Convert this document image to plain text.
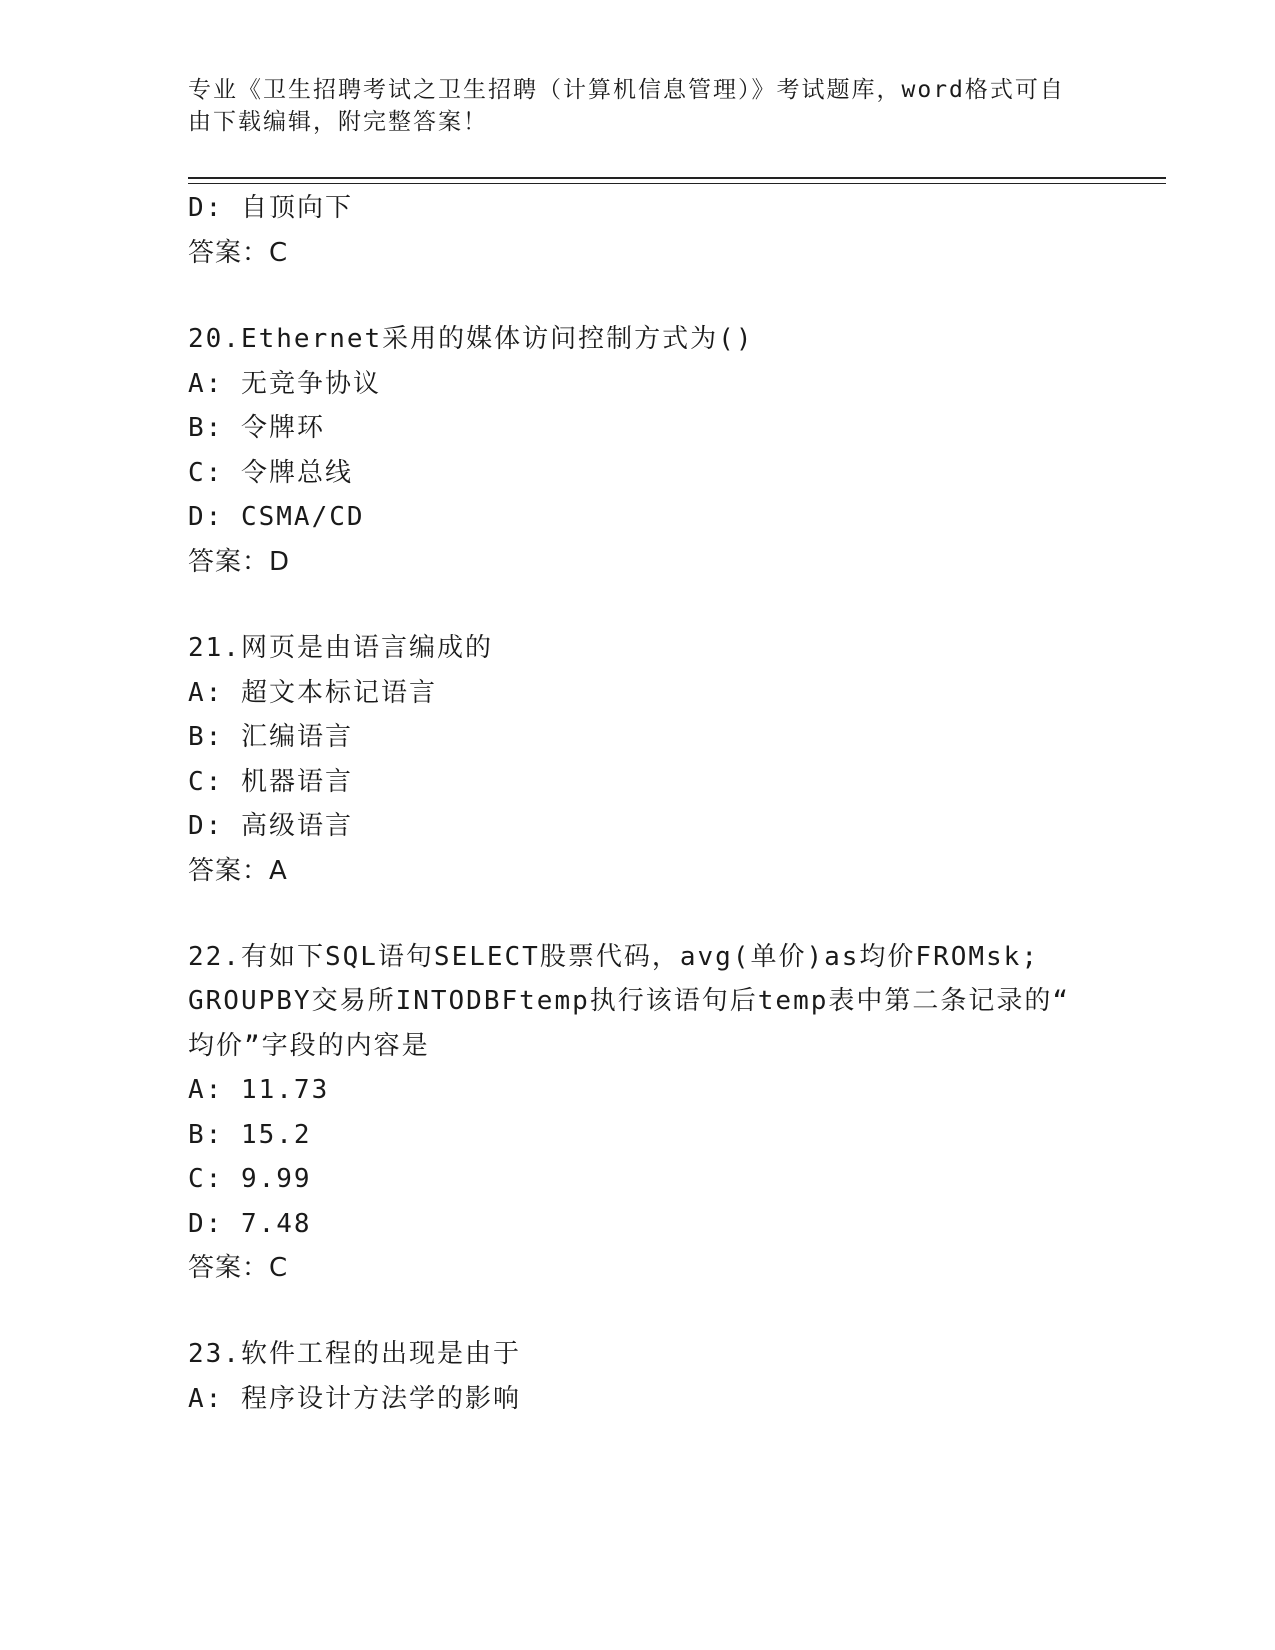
专业《卫生招聘考试之卫生招聘（计算机信息管理）》考试题库，word格式可自
由下载编辑，附完整答案！
D: 自顶向下
答案：C
20.Ethernet采用的媒体访问控制方式为()
A: 无竞争协议
B: 令牌环
C: 令牌总线
D: CSMA/CD
答案：D
21.网页是由语言编成的
A: 超文本标记语言
B: 汇编语言
C: 机器语言
D: 高级语言
答案：A
22.有如下SQL语句SELECT股票代码，avg(单价)as均价FROMsk;
GROUPBY交易所INTODBFtemp执行该语句后temp表中第二条记录的“
均价”字段的内容是
A: 11.73
B: 15.2
C: 9.99
D: 7.48
答案：C
23.软件工程的出现是由于
A: 程序设计方法学的影响
